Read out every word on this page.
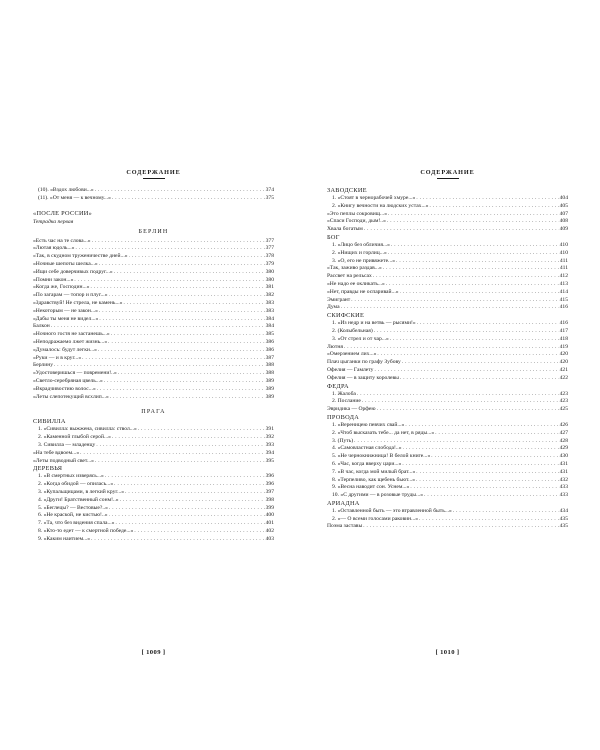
СОДЕРЖАНИЕ
(10). «Вздох любови...» . . .	374
(11). «От меня — к вечному...» . . .	375
«ПОСЛЕ РОССИИ»
Тетрадка первая
БЕРЛИН
«Есть час на те слова...» . . .	377
«Лютая юдоль...» . . .	377
«Так, в скудном труженичестве дней...» . . .	378
«Ночные шепоты шелка...» . . .	379
«Ищи себе доверчивых подруг...» . . .	380
«Помни закон...» . . .	380
«Когда же, Господин...» . . .	381
«По загарам — топор и плуг...» . . .	382
«Здравствуй! Не стрела, не камень...» . . .	383
«Некоторым — не закон...» . . .	383
«Дабы ты меня не видел...» . . .	384
Балкон . . .	384
«Ночного гостя не застанешь...» . . .	385
«Неподражаемо лжет жизнь...» . . .	386
«Думалось: будут легки...» . . .	386
«Руки — и в круг...» . . .	387
Берлину . . .	388
«Удостоверишься — повремени!..» . . .	388
«Светло-серебряная цвель...» . . .	389
«Вкрадчивостию волос...» . . .	389
«Леты слепотекущий всхлип...» . . .	389
ПРАГА
СИВИЛЛА
1. «Сивилла: выжжена, сивилла: ствол...» . . .	391
2. «Каменной глыбой серой...» . . .	392
3. Сивилла — младенцу . . .	393
«На тебе вдвоем...» . . .	394
«Леты подводный свет...» . . .	395
ДЕРЕВЬЯ
1. «В смертных изверясь...» . . .	396
2. «Когда обидой — опилась...» . . .	396
3. «Купальщицами, в легкий круг...» . . .	397
4. «Други! Братственный сонм!..» . . .	398
5. «Беглецы? — Вестовые?..» . . .	399
6. «Не краской, не кистью!..» . . .	400
7. «Та, что без видения спала...» . . .	401
8. «Кто-то едет — к смертной победе...» . . .	402
9. «Каким наитием...» . . .	403
СОДЕРЖАНИЕ
ЗАВОДСКИЕ
1. «Стоят в чернорабочей хмуре...» . . .	404
2. «Книгу вечности на людских устах...» . . .	405
«Это пеплы сокровищ...» . . .	407
«Спаси Господи, дым!..» . . .	408
Хвала богатым . . .	409
БОГ
1. «Лицо без обличия...» . . .	410
2. «Нищих и горлиц...» . . .	410
3. «О, его не привяжете...» . . .	411
«Так, заживо раздав...» . . .	411
Рассвет на рельсах . . .	412
«Не надо ее окликать...» . . .	413
«Нет, правды не оспаривай...» . . .	414
Эмигрант . . .	415
Думa . . .	416
СКИФСКИЕ
1. «Из недр и на ветвь — рысями!» . . .	416
2. (Колыбельная) . . .	417
3. «От стрел и от чар...» . . .	418
Лютня . . .	419
«Омерзением лих...» . . .	420
Плач цыганки по графу Зубову . . .	420
Офелия — Гамлету . . .	421
Офелия — в защиту королевы . . .	422
ФЕДРА
1. Жалоба . . .	423
2. Послание . . .	423
Эвридика — Орфею . . .	425
ПРОВОДА
1. «Вереницею певчих свай...» . . .	426
2. «Чтоб высказать тебе... да нет, в ряды...» . . .	427
3. (Путь) . . .	428
4. «Самовластная слобода!..» . . .	429
5. «Не чернокнижница! В белой книге...» . . .	430
6. «Час, когда вверху цари...» . . .	431
7. «В час, когда мой милый брат...» . . .	431
8. «Терпеливо, как щебень бьют...» . . .	432
9. «Весна наводит сон. Уснем...» . . .	433
10. «С другими — в розовые труды...» . . .	433
АРИАДНА
1. «Оставленной быть — это втравленной быть...» . . .	434
2. «— О всеми голосами раковин...» . . .	435
Поэма заставы . . .	435
[ 1009 ]	[ 1010 ]
